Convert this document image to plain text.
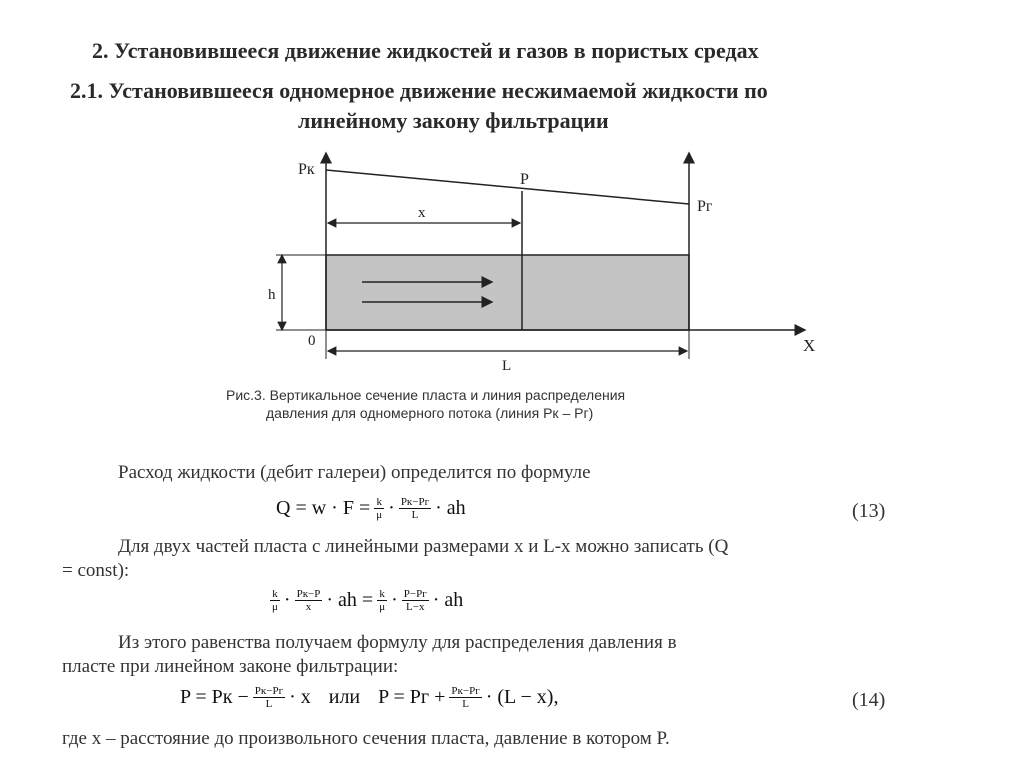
2. Установившееся движение жидкостей и газов в пористых средах
2.1. Установившееся одномерное движение несжимаемой жидкости по
линейному закону фильтрации
Pк
P
Pг
x
h
0
L
X
Рис.3. Вертикальное сечение пласта и линия распределения
давления для одномерного потока (линия Pк – Pг)
Расход жидкости (дебит галереи) определится по формуле
$Q = w \cdot F = \frac{k}{\mu} \cdot \frac{Pк-Pг}{L}$ · ah	(13)
Для двух частей пласта с линейными размерами x и L-x можно записать (Q
= const):
$\frac{k}{\mu} \cdot \frac{Pк-P}{x}$ · ah = $\frac{k}{\mu} \cdot \frac{P-Pг}{L-x}$ · ah
Из этого равенства получаем формулу для распределения давления в
пласте при линейном законе фильтрации:
P = Pк − $\frac{Pк-Pг}{L} \cdot x$ или P = Pг + $\frac{Pк-Pг}{L} \cdot (L - x)$,	(14)
где x – расстояние до произвольного сечения пласта, давление в котором P.
